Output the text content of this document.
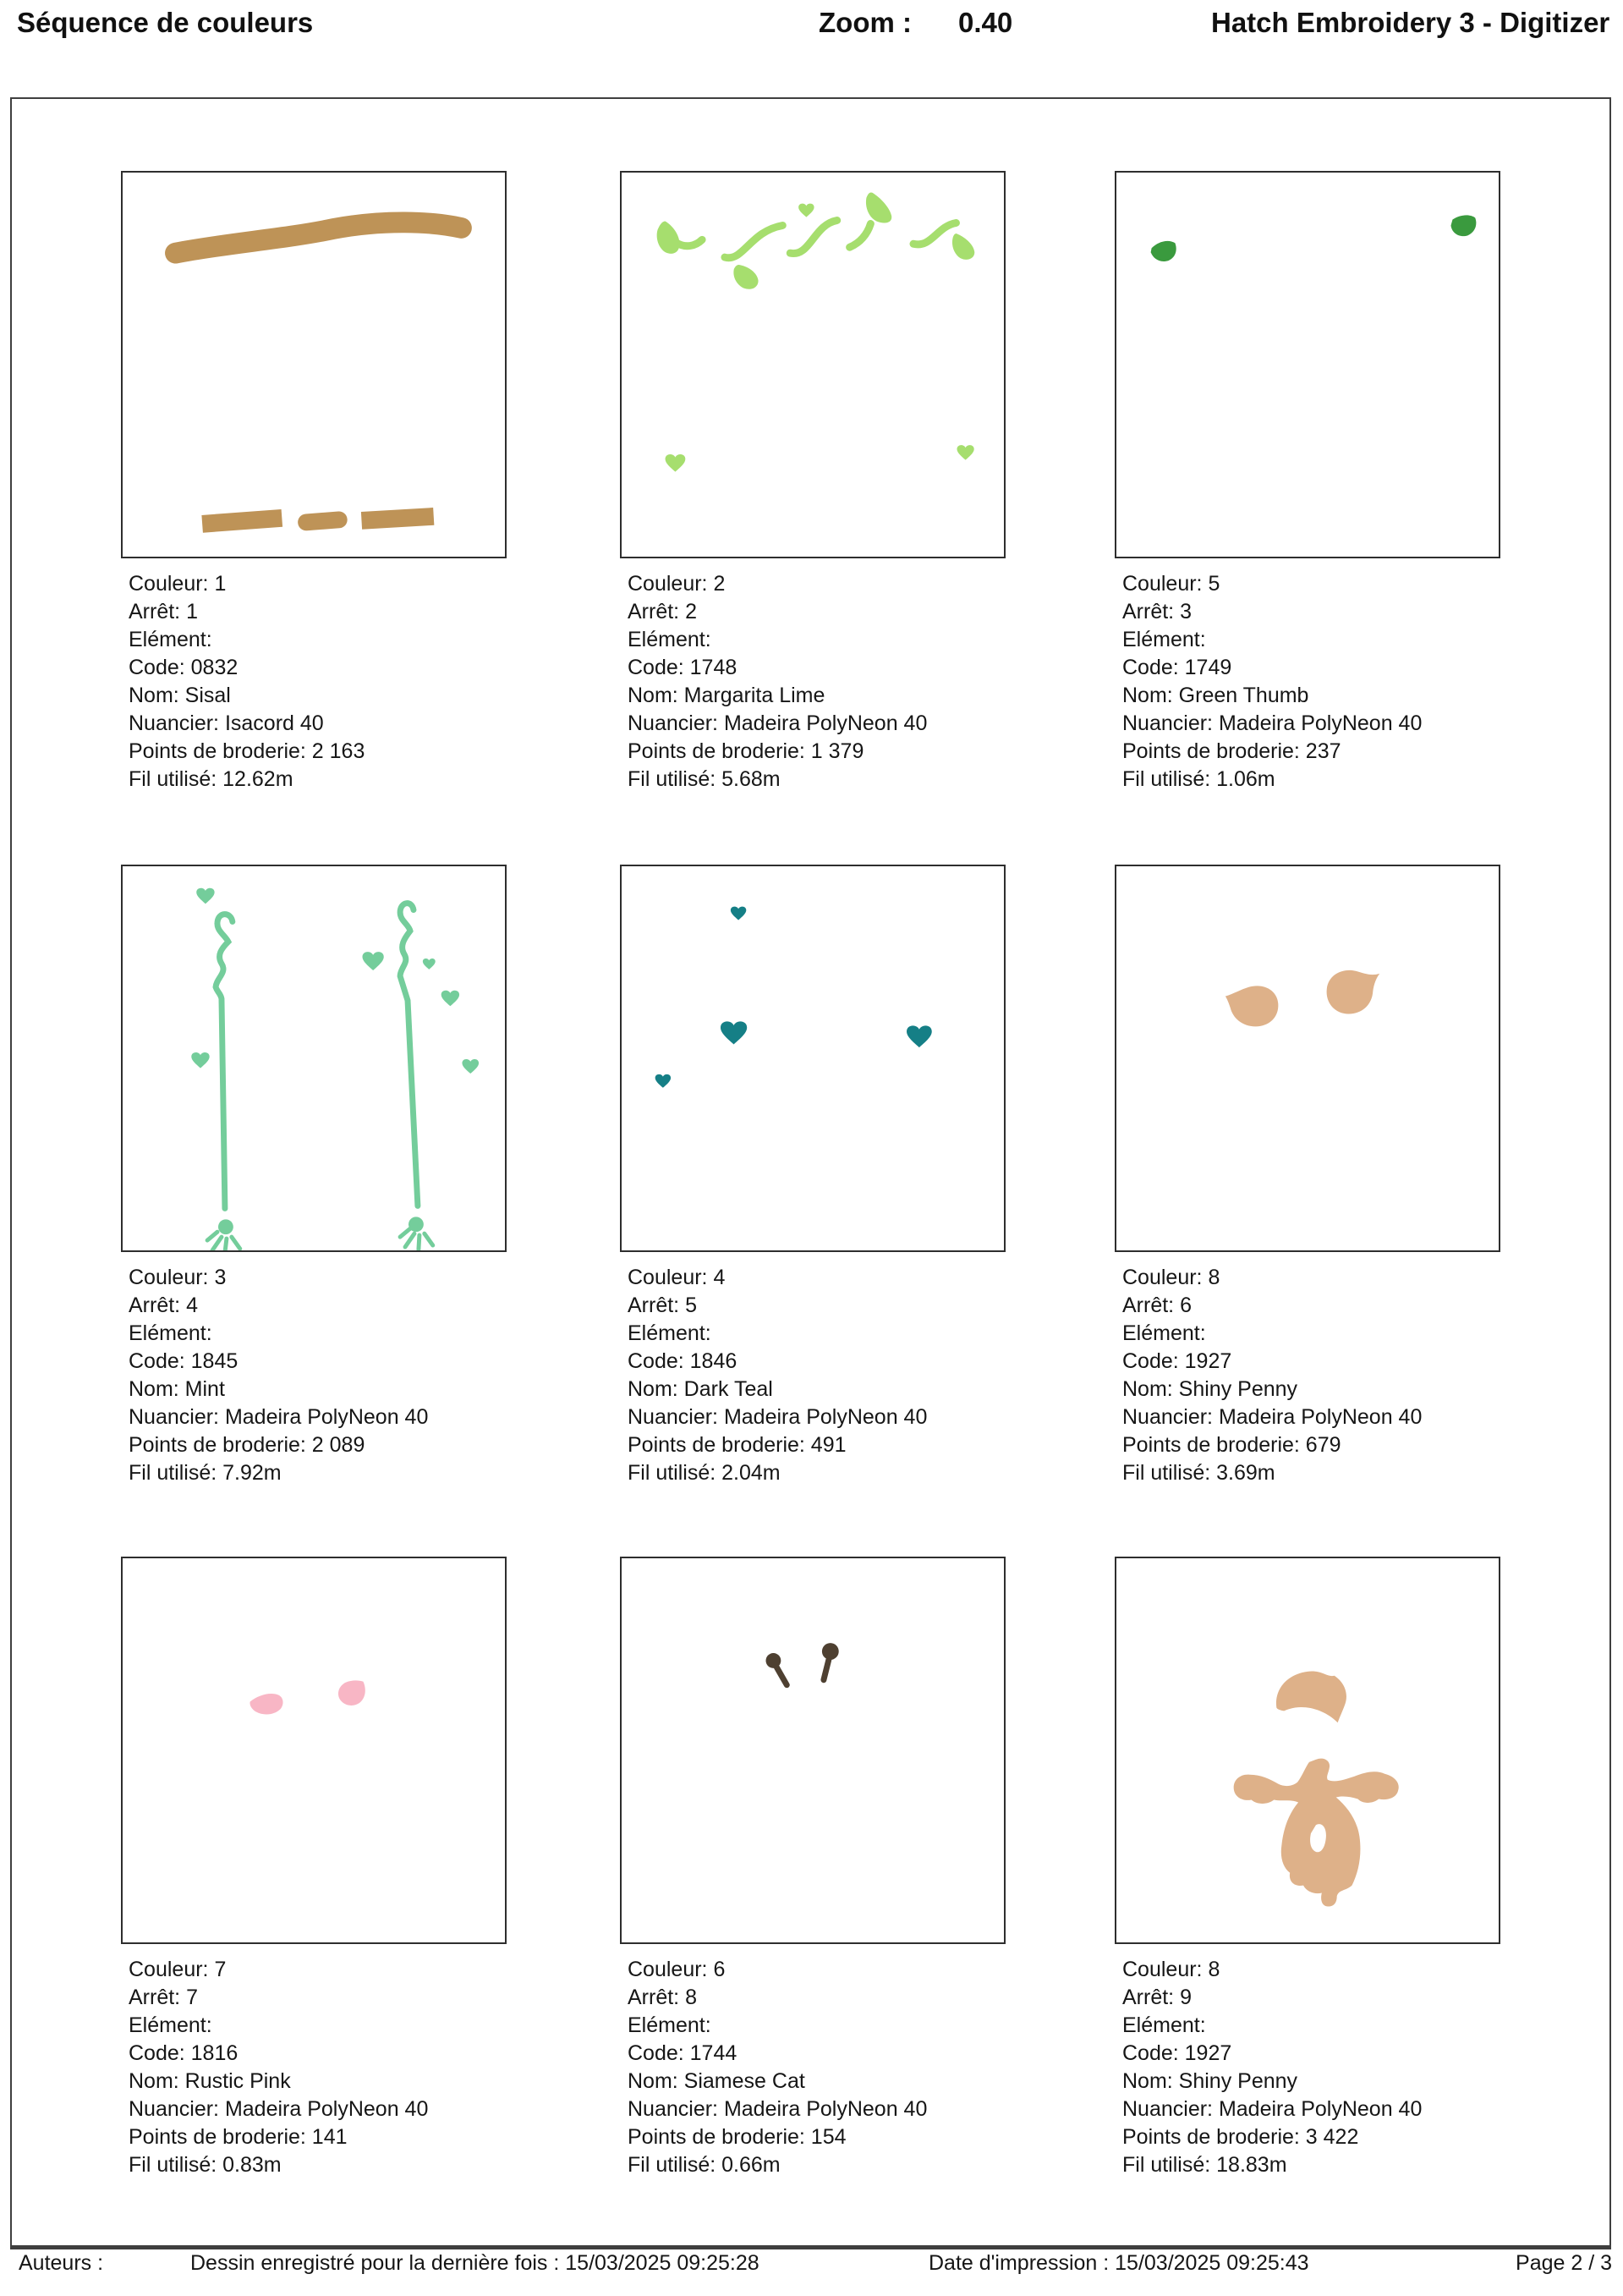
Séquence de couleurs	Zoom : 0.40	Hatch Embroidery 3 - Digitizer
Couleur: 1
Arrêt: 1
Elément:
Code: 0832
Nom: Sisal
Nuancier: Isacord 40
Points de broderie: 2 163
Fil utilisé: 12.62m
Couleur: 2
Arrêt: 2
Elément:
Code: 1748
Nom: Margarita Lime
Nuancier: Madeira PolyNeon 40
Points de broderie: 1 379
Fil utilisé: 5.68m
Couleur: 5
Arrêt: 3
Elément:
Code: 1749
Nom: Green Thumb
Nuancier: Madeira PolyNeon 40
Points de broderie: 237
Fil utilisé: 1.06m
Couleur: 3
Arrêt: 4
Elément:
Code: 1845
Nom: Mint
Nuancier: Madeira PolyNeon 40
Points de broderie: 2 089
Fil utilisé: 7.92m
Couleur: 4
Arrêt: 5
Elément:
Code: 1846
Nom: Dark Teal
Nuancier: Madeira PolyNeon 40
Points de broderie: 491
Fil utilisé: 2.04m
Couleur: 8
Arrêt: 6
Elément:
Code: 1927
Nom: Shiny Penny
Nuancier: Madeira PolyNeon 40
Points de broderie: 679
Fil utilisé: 3.69m
Couleur: 7
Arrêt: 7
Elément:
Code: 1816
Nom: Rustic Pink
Nuancier: Madeira PolyNeon 40
Points de broderie: 141
Fil utilisé: 0.83m
Couleur: 6
Arrêt: 8
Elément:
Code: 1744
Nom: Siamese Cat
Nuancier: Madeira PolyNeon 40
Points de broderie: 154
Fil utilisé: 0.66m
Couleur: 8
Arrêt: 9
Elément:
Code: 1927
Nom: Shiny Penny
Nuancier: Madeira PolyNeon 40
Points de broderie: 3 422
Fil utilisé: 18.83m
Auteurs :	Dessin enregistré pour la dernière fois : 15/03/2025 09:25:28	Date d'impression : 15/03/2025 09:25:43	Page 2 / 3
